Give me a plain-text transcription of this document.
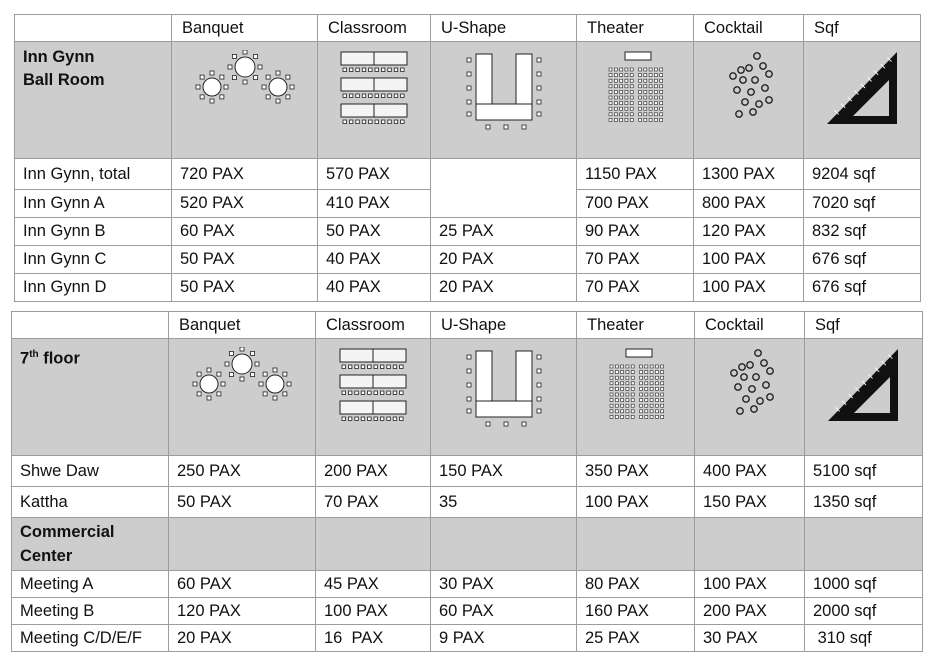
	Banquet	Classroom	U-Shape	Theater	Cocktail	Sqf
Inn Gynn
Ball Room	

Inn Gynn, total	720 PAX	570 PAX		1150 PAX	1300 PAX	9204 sqf
Inn Gynn A	520 PAX	410 PAX		700 PAX	800 PAX	7020 sqf
Inn Gynn B	60 PAX	50 PAX	25 PAX	90 PAX	120 PAX	832 sqf
Inn Gynn C	50 PAX	40 PAX	20 PAX	70 PAX	100 PAX	676 sqf
Inn Gynn D	50 PAX	40 PAX	20 PAX	70 PAX	100 PAX	676 sqf
	Banquet	Classroom	U-Shape	Theater	Cocktail	Sqf
7th floor	

Shwe Daw	250 PAX	200 PAX	150 PAX	350 PAX	400 PAX	5100 sqf
Kattha	50 PAX	70 PAX	35	100 PAX	150 PAX	1350 sqf
Commercial
Center						
Meeting A	60 PAX	45 PAX	30 PAX	80 PAX	100 PAX	1000 sqf
Meeting B	120 PAX	100 PAX	60 PAX	160 PAX	200 PAX	2000 sqf
Meeting C/D/E/F	20 PAX	16  PAX	9 PAX	25 PAX	30 PAX	310 sqf
